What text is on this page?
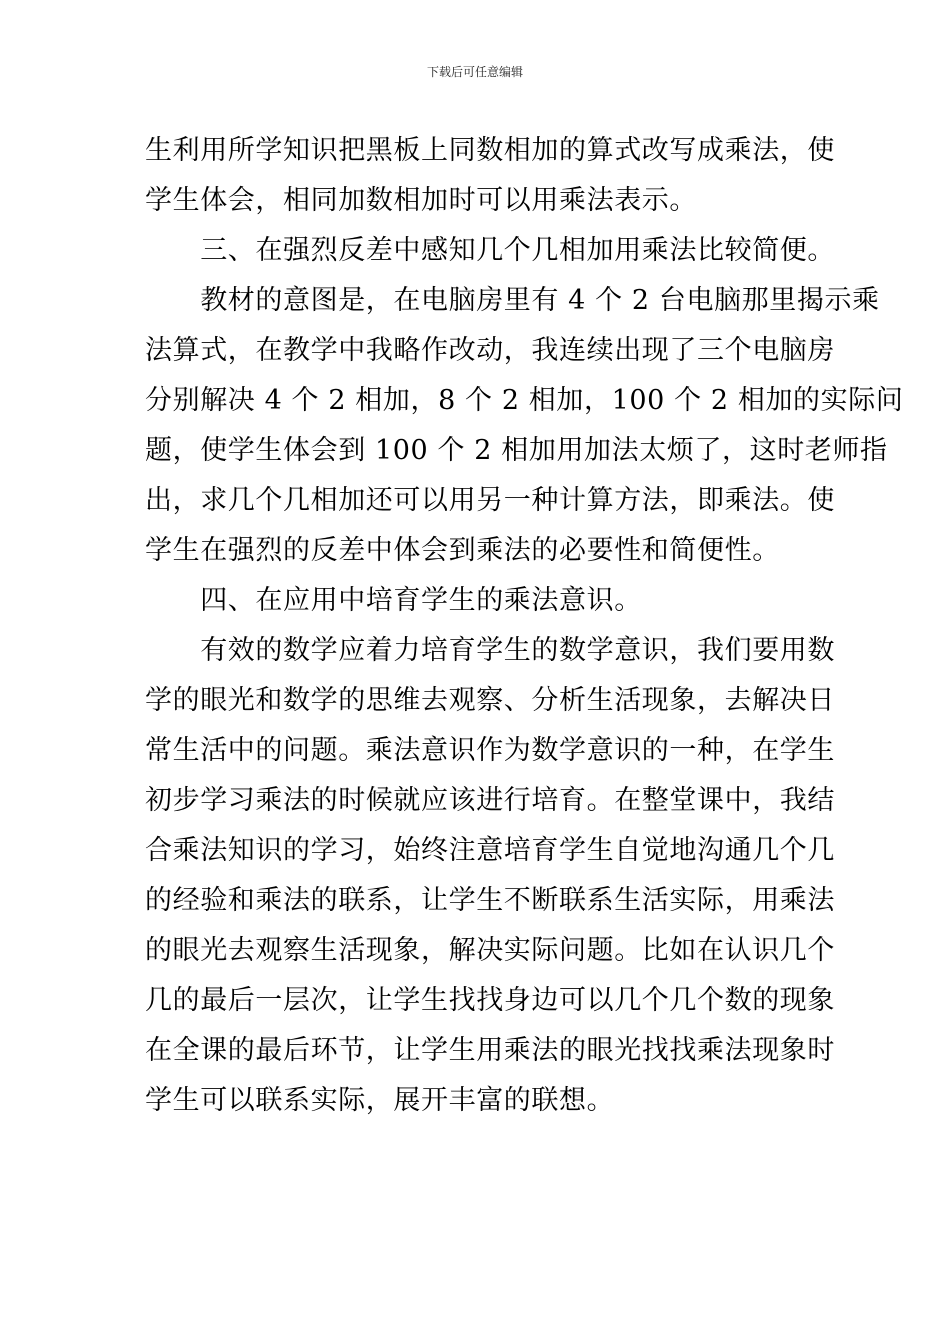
下载后可任意编辑
生利用所学知识把黑板上同数相加的算式改写成乘法，使
学生体会，相同加数相加时可以用乘法表示。
　　三、在强烈反差中感知几个几相加用乘法比较简便。
　　教材的意图是，在电脑房里有 4 个 2 台电脑那里揭示乘
法算式，在教学中我略作改动，我连续出现了三个电脑房
分别解决 4 个 2 相加，8 个 2 相加，100 个 2 相加的实际问
题，使学生体会到 100 个 2 相加用加法太烦了，这时老师指
出，求几个几相加还可以用另一种计算方法，即乘法。使
学生在强烈的反差中体会到乘法的必要性和简便性。
　　四、在应用中培育学生的乘法意识。
　　有效的数学应着力培育学生的数学意识，我们要用数
学的眼光和数学的思维去观察、分析生活现象，去解决日
常生活中的问题。乘法意识作为数学意识的一种，在学生
初步学习乘法的时候就应该进行培育。在整堂课中，我结
合乘法知识的学习，始终注意培育学生自觉地沟通几个几
的经验和乘法的联系，让学生不断联系生活实际，用乘法
的眼光去观察生活现象，解决实际问题。比如在认识几个
几的最后一层次，让学生找找身边可以几个几个数的现象
在全课的最后环节，让学生用乘法的眼光找找乘法现象时
学生可以联系实际，展开丰富的联想。
